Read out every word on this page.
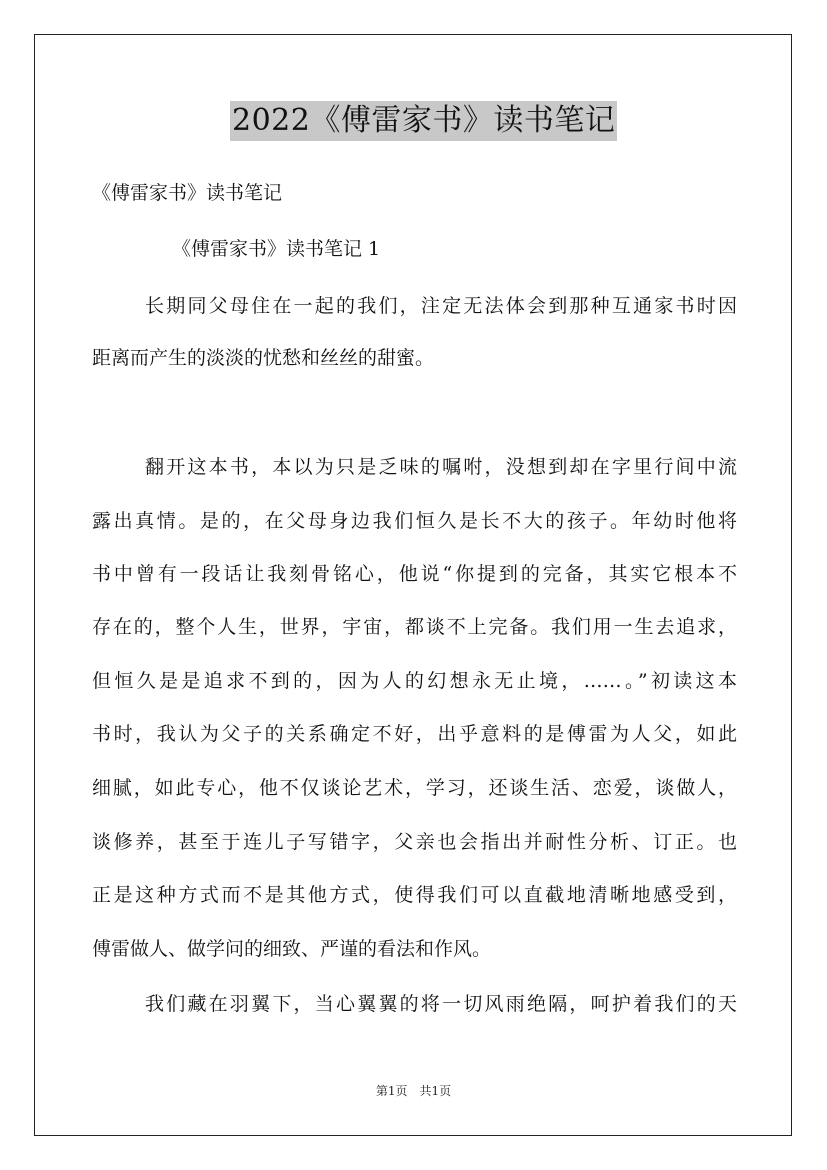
2022《傅雷家书》读书笔记
《傅雷家书》读书笔记
《傅雷家书》读书笔记 1
长期同父母住在一起的我们，注定无法体会到那种互通家书时因
距离而产生的淡淡的忧愁和丝丝的甜蜜。
翻开这本书，本以为只是乏味的嘱咐，没想到却在字里行间中流
露出真情。是的，在父母身边我们恒久是长不大的孩子。年幼时他将
书中曾有一段话让我刻骨铭心，他说“你提到的完备，其实它根本不
存在的，整个人生，世界，宇宙，都谈不上完备。我们用一生去追求，
但恒久是是追求不到的，因为人的幻想永无止境，……。”初读这本
书时，我认为父子的关系确定不好，出乎意料的是傅雷为人父，如此
细腻，如此专心，他不仅谈论艺术，学习，还谈生活、恋爱，谈做人，
谈修养，甚至于连儿子写错字，父亲也会指出并耐性分析、订正。也
正是这种方式而不是其他方式，使得我们可以直截地清晰地感受到，
傅雷做人、做学问的细致、严谨的看法和作风。
我们藏在羽翼下，当心翼翼的将一切风雨绝隔，呵护着我们的天
第1页 共1页
